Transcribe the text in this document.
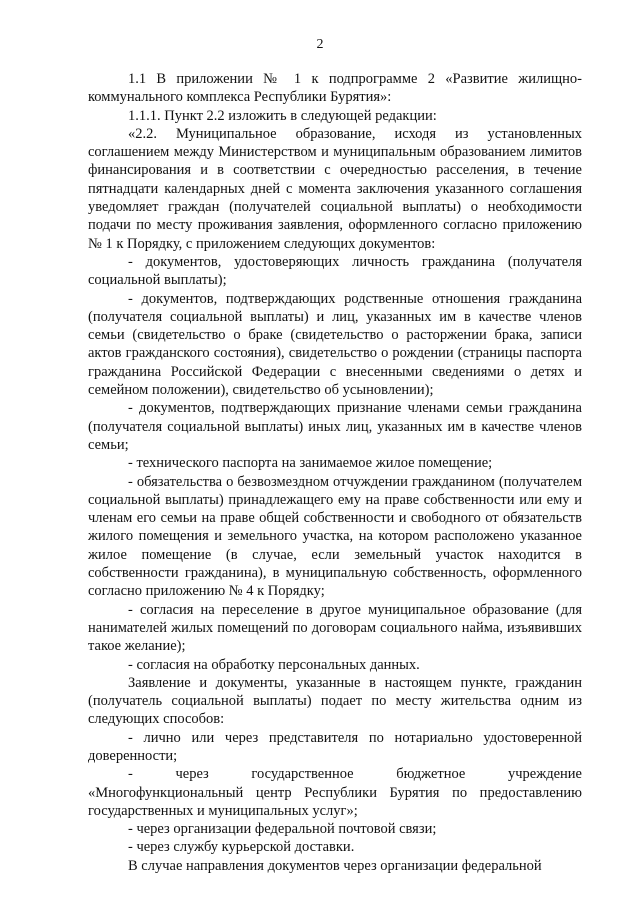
2

1.1 В приложении № 1 к подпрограмме 2 «Развитие жилищно-коммунального комплекса Республики Бурятия»:

1.1.1. Пункт 2.2 изложить в следующей редакции:

«2.2. Муниципальное образование, исходя из установленных соглашением между Министерством и муниципальным образованием лимитов финансирования и в соответствии с очередностью расселения, в течение пятнадцати календарных дней с момента заключения указанного соглашения уведомляет граждан (получателей социальной выплаты) о необходимости подачи по месту проживания заявления, оформленного согласно приложению № 1 к Порядку, с приложением следующих документов:

- документов, удостоверяющих личность гражданина (получателя социальной выплаты);

- документов, подтверждающих родственные отношения гражданина (получателя социальной выплаты) и лиц, указанных им в качестве членов семьи (свидетельство о браке (свидетельство о расторжении брака, записи актов гражданского состояния), свидетельство о рождении (страницы паспорта гражданина Российской Федерации с внесенными сведениями о детях и семейном положении), свидетельство об усыновлении);

- документов, подтверждающих признание членами семьи гражданина (получателя социальной выплаты) иных лиц, указанных им в качестве членов семьи;

- технического паспорта на занимаемое жилое помещение;

- обязательства о безвозмездном отчуждении гражданином (получателем социальной выплаты) принадлежащего ему на праве собственности или ему и членам его семьи на праве общей собственности и свободного от обязательств жилого помещения и земельного участка, на котором расположено указанное жилое помещение (в случае, если земельный участок находится в собственности гражданина), в муниципальную собственность, оформленного согласно приложению № 4 к Порядку;

- согласия на переселение в другое муниципальное образование (для нанимателей жилых помещений по договорам социального найма, изъявивших такое желание);

- согласия на обработку персональных данных.

Заявление и документы, указанные в настоящем пункте, гражданин (получатель социальной выплаты) подает по месту жительства одним из следующих способов:

- лично или через представителя по нотариально удостоверенной доверенности;

- через государственное бюджетное учреждение «Многофункциональный центр Республики Бурятия по предоставлению государственных и муниципальных услуг»;

- через организации федеральной почтовой связи;

- через службу курьерской доставки.

В случае направления документов через организации федеральной
